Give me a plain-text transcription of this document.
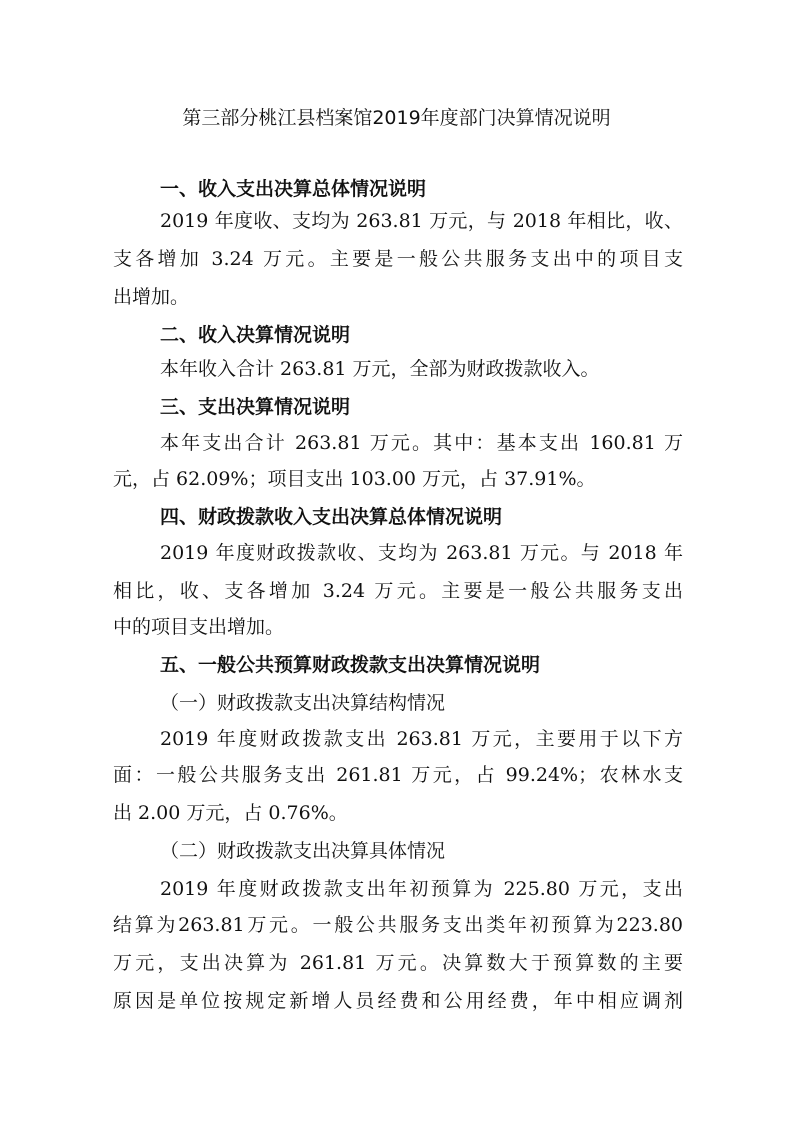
第三部分桃江县档案馆2019年度部门决算情况说明
一、收入支出决算总体情况说明
2019 年度收、支均为 263.81 万元，与 2018 年相比，收、
支各增加 3.24 万元。主要是一般公共服务支出中的项目支
出增加。
二、收入决算情况说明
本年收入合计 263.81 万元，全部为财政拨款收入。
三、支出决算情况说明
本年支出合计 263.81 万元。其中：基本支出 160.81 万
元，占 62.09%；项目支出 103.00 万元，占 37.91%。
四、财政拨款收入支出决算总体情况说明
2019 年度财政拨款收、支均为 263.81 万元。与 2018 年
相比，收、支各增加 3.24 万元。主要是一般公共服务支出
中的项目支出增加。
五、一般公共预算财政拨款支出决算情况说明
（一）财政拨款支出决算结构情况
2019 年度财政拨款支出 263.81 万元，主要用于以下方
面：一般公共服务支出 261.81 万元，占 99.24%；农林水支
出 2.00 万元，占 0.76%。
（二）财政拨款支出决算具体情况
2019 年度财政拨款支出年初预算为 225.80 万元，支出
结算为263.81万元。一般公共服务支出类年初预算为223.80
万元，支出决算为 261.81 万元。决算数大于预算数的主要
原因是单位按规定新增人员经费和公用经费，年中相应调剂
